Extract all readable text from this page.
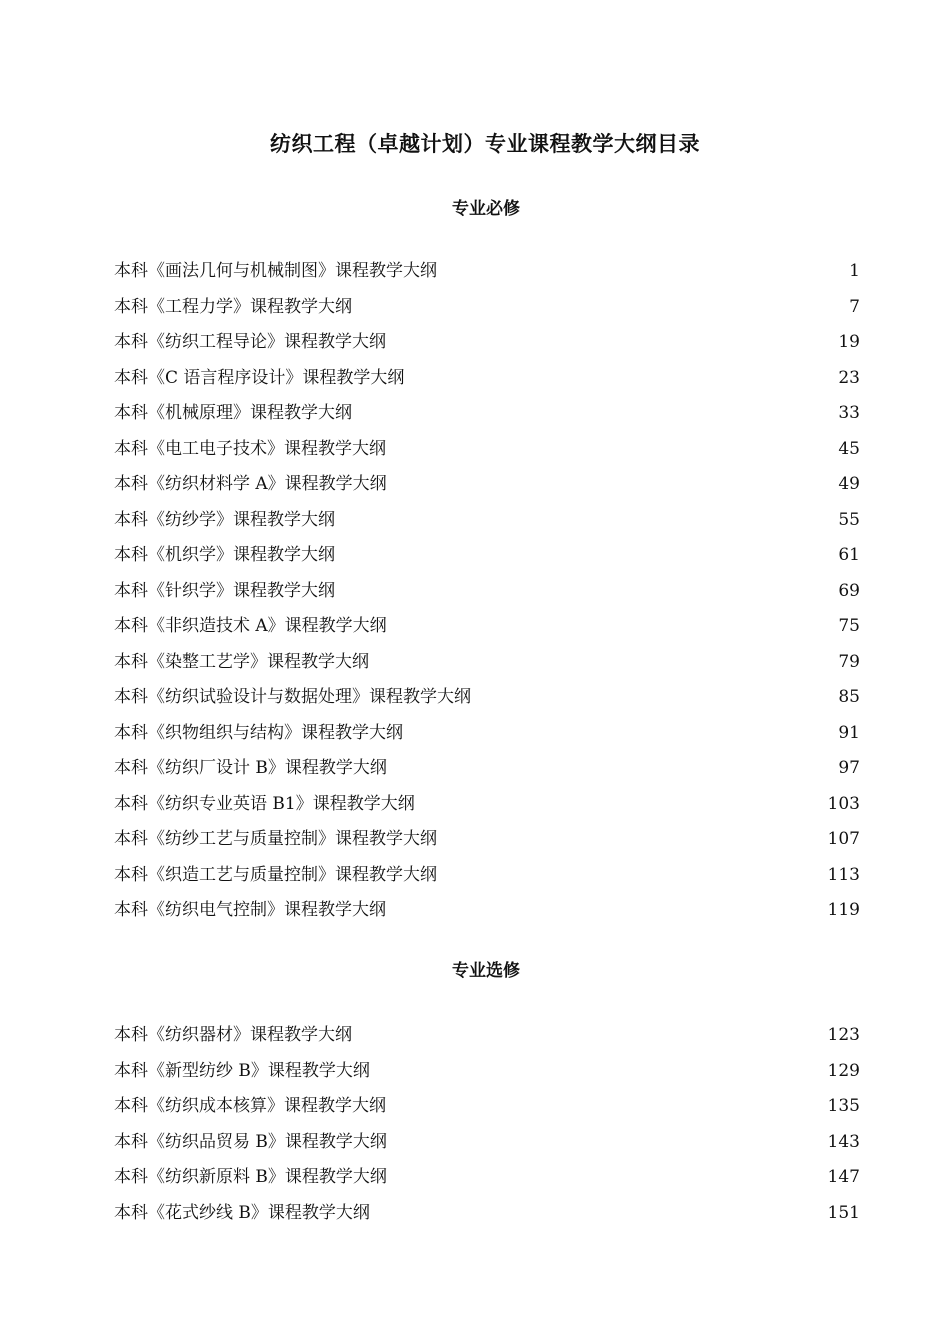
纺织工程（卓越计划）专业课程教学大纲目录
专业必修
本科《画法几何与机械制图》课程教学大纲	1
本科《工程力学》课程教学大纲	7
本科《纺织工程导论》课程教学大纲	19
本科《C 语言程序设计》课程教学大纲	23
本科《机械原理》课程教学大纲	33
本科《电工电子技术》课程教学大纲	45
本科《纺织材料学 A》课程教学大纲	49
本科《纺纱学》课程教学大纲	55
本科《机织学》课程教学大纲	61
本科《针织学》课程教学大纲	69
本科《非织造技术 A》课程教学大纲	75
本科《染整工艺学》课程教学大纲	79
本科《纺织试验设计与数据处理》课程教学大纲	85
本科《织物组织与结构》课程教学大纲	91
本科《纺织厂设计 B》课程教学大纲	97
本科《纺织专业英语 B1》课程教学大纲	103
本科《纺纱工艺与质量控制》课程教学大纲	107
本科《织造工艺与质量控制》课程教学大纲	113
本科《纺织电气控制》课程教学大纲	119
专业选修
本科《纺织器材》课程教学大纲	123
本科《新型纺纱 B》课程教学大纲	129
本科《纺织成本核算》课程教学大纲	135
本科《纺织品贸易 B》课程教学大纲	143
本科《纺织新原料 B》课程教学大纲	147
本科《花式纱线 B》课程教学大纲	151
